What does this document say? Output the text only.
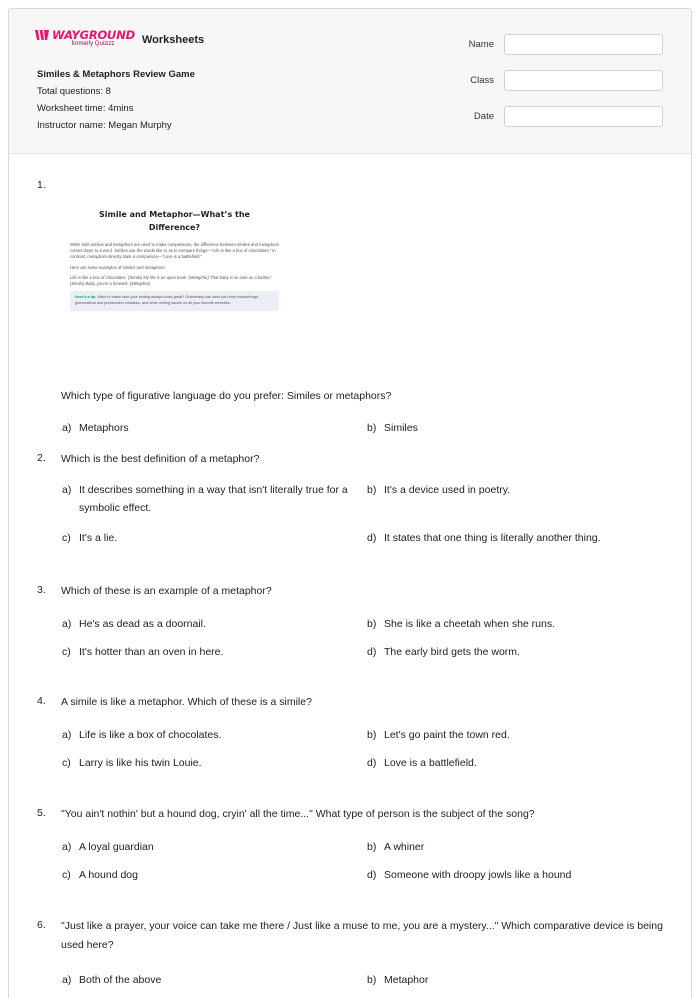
WAYGROUND
formerly Quizizz Worksheets
Similes & Metaphors Review Game
Total questions: 8
Worksheet time: 4mins
Instructor name: Megan Murphy
Name
Class
Date
1.
Simile and Metaphor—What’s the
Difference?

While both similes and metaphors are used to make comparisons, the difference between similes and metaphors comes down to a word. Similes use the words like or as to compare things—“Life is like a box of chocolates.” In contrast, metaphors directly state a comparison—“Love is a battlefield.”

Here are some examples of similes and metaphors:

Life is like a box of chocolates. (Simile) My life is an open book. (Metaphor) That baby is as cute as a button! (Simile) Baby, you’re a firework. (Metaphor)

Here’s a tip: Want to make sure your writing always looks great? Grammarly can save you from misspellings, grammatical and punctuation mistakes, and other writing issues on all your favorite websites.
Which type of figurative language do you prefer: Similes or metaphors?
a) Metaphors	b) Similes
2. Which is the best definition of a metaphor?
a) It describes something in a way that isn't literally true for a symbolic effect.
b) It's a device used in poetry.
c) It's a lie.	d) It states that one thing is literally another thing.
3. Which of these is an example of a metaphor?
a) He's as dead as a doornail.	b) She is like a cheetah when she runs.
c) It's hotter than an oven in here.	d) The early bird gets the worm.
4. A simile is like a metaphor. Which of these is a simile?
a) Life is like a box of chocolates.	b) Let's go paint the town red.
c) Larry is like his twin Louie.	d) Love is a battlefield.
5. "You ain't nothin' but a hound dog, cryin' all the time..." What type of person is the subject of the song?
a) A loyal guardian	b) A whiner
c) A hound dog	d) Someone with droopy jowls like a hound
6. "Just like a prayer, your voice can take me there / Just like a muse to me, you are a mystery..." Which comparative device is being used here?
a) Both of the above	b) Metaphor
